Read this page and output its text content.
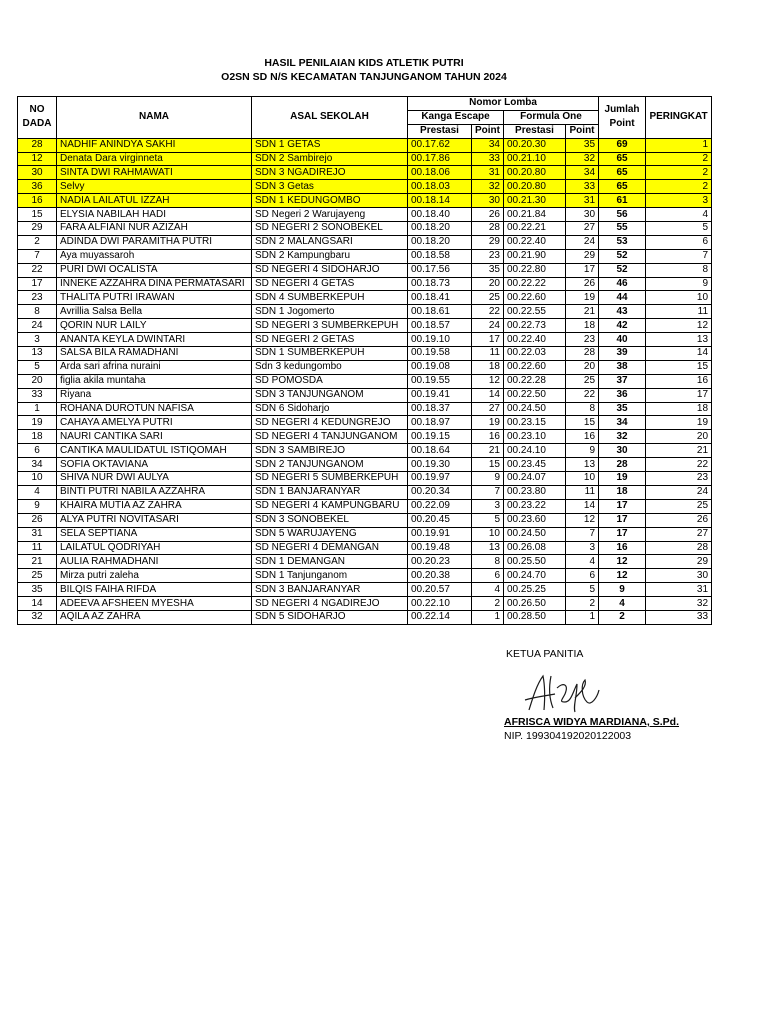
HASIL PENILAIAN KIDS ATLETIK PUTRI
O2SN SD N/S KECAMATAN TANJUNGANOM TAHUN 2024
NO DADA	NAMA	ASAL SEKOLAH	Nomor Lomba				Jumlah Point	PERINGKAT
			Kanga Escape		Formula One			
			Prestasi	Point	Prestasi	Point		
28	NADHIF ANINDYA SAKHI	SDN 1 GETAS	00.17.62	34	00.20.30	35	69	1
12	Denata Dara virginneta	SDN 2 Sambirejo	00.17.86	33	00.21.10	32	65	2
30	SINTA DWI RAHMAWATI	SDN 3 NGADIREJO	00.18.06	31	00.20.80	34	65	2
36	Selvy	SDN 3 Getas	00.18.03	32	00.20.80	33	65	2
16	NADIA LAILATUL IZZAH	SDN 1 KEDUNGOMBO	00.18.14	30	00.21.30	31	61	3
15	ELYSIA NABILAH HADI	SD Negeri 2 Warujayeng	00.18.40	26	00.21.84	30	56	4
29	FARA ALFIANI NUR AZIZAH	SD NEGERI 2 SONOBEKEL	00.18.20	28	00.22.21	27	55	5
2	ADINDA DWI PARAMITHA PUTRI	SDN 2 MALANGSARI	00.18.20	29	00.22.40	24	53	6
7	Aya muyassaroh	SDN 2 Kampungbaru	00.18.58	23	00.21.90	29	52	7
22	PURI DWI OCALISTA	SD NEGERI 4 SIDOHARJO	00.17.56	35	00.22.80	17	52	8
17	INNEKE AZZAHRA DINA PERMATASARI	SD NEGERI 4 GETAS	00.18.73	20	00.22.22	26	46	9
23	THALITA PUTRI IRAWAN	SDN 4 SUMBERKEPUH	00.18.41	25	00.22.60	19	44	10
8	Avrillia Salsa Bella	SDN 1 Jogomerto	00.18.61	22	00.22.55	21	43	11
24	QORIN NUR LAILY	SD NEGERI 3 SUMBERKEPUH	00.18.57	24	00.22.73	18	42	12
3	ANANTA KEYLA DWINTARI	SD NEGERI 2 GETAS	00.19.10	17	00.22.40	23	40	13
13	SALSA BILA RAMADHANI	SDN 1 SUMBERKEPUH	00.19.58	11	00.22.03	28	39	14
5	Arda sari afrina nuraini	Sdn 3 kedungombo	00.19.08	18	00.22.60	20	38	15
20	figlia akila muntaha	SD POMOSDA	00.19.55	12	00.22.28	25	37	16
33	Riyana	SDN 3 TANJUNGANOM	00.19.41	14	00.22.50	22	36	17
1	ROHANA DUROTUN NAFISA	SDN 6 Sidoharjo	00.18.37	27	00.24.50	8	35	18
19	CAHAYA AMELYA PUTRI	SD NEGERI 4 KEDUNGREJO	00.18.97	19	00.23.15	15	34	19
18	NAURI CANTIKA SARI	SD NEGERI 4 TANJUNGANOM	00.19.15	16	00.23.10	16	32	20
6	CANTIKA MAULIDATUL ISTIQOMAH	SDN 3 SAMBIREJO	00.18.64	21	00.24.10	9	30	21
34	SOFIA OKTAVIANA	SDN 2 TANJUNGANOM	00.19.30	15	00.23.45	13	28	22
10	SHIVA NUR DWI AULYA	SD NEGERI 5 SUMBERKEPUH	00.19.97	9	00.24.07	10	19	23
4	BINTI PUTRI NABILA AZZAHRA	SDN 1 BANJARANYAR	00.20.34	7	00.23.80	11	18	24
9	KHAIRA MUTIA AZ ZAHRA	SD NEGERI 4 KAMPUNGBARU	00.22.09	3	00.23.22	14	17	25
26	ALYA PUTRI NOVITASARI	SDN 3 SONOBEKEL	00.20.45	5	00.23.60	12	17	26
31	SELA SEPTIANA	SDN 5 WARUJAYENG	00.19.91	10	00.24.50	7	17	27
11	LAILATUL QODRIYAH	SD NEGERI 4 DEMANGAN	00.19.48	13	00.26.08	3	16	28
21	AULIA RAHMADHANI	SDN 1 DEMANGAN	00.20.23	8	00.25.50	4	12	29
25	Mirza putri zaleha	SDN 1 Tanjunganom	00.20.38	6	00.24.70	6	12	30
35	BILQIS FAIHA RIFDA	SDN 3 BANJARANYAR	00.20.57	4	00.25.25	5	9	31
14	ADEEVA AFSHEEN MYESHA	SD NEGERI 4 NGADIREJO	00.22.10	2	00.26.50	2	4	32
32	AQILA AZ ZAHRA	SDN 5 SIDOHARJO	00.22.14	1	00.28.50	1	2	33
KETUA PANITIA
AFRISCA WIDYA MARDIANA, S.Pd.
NIP. 199304192020122003
